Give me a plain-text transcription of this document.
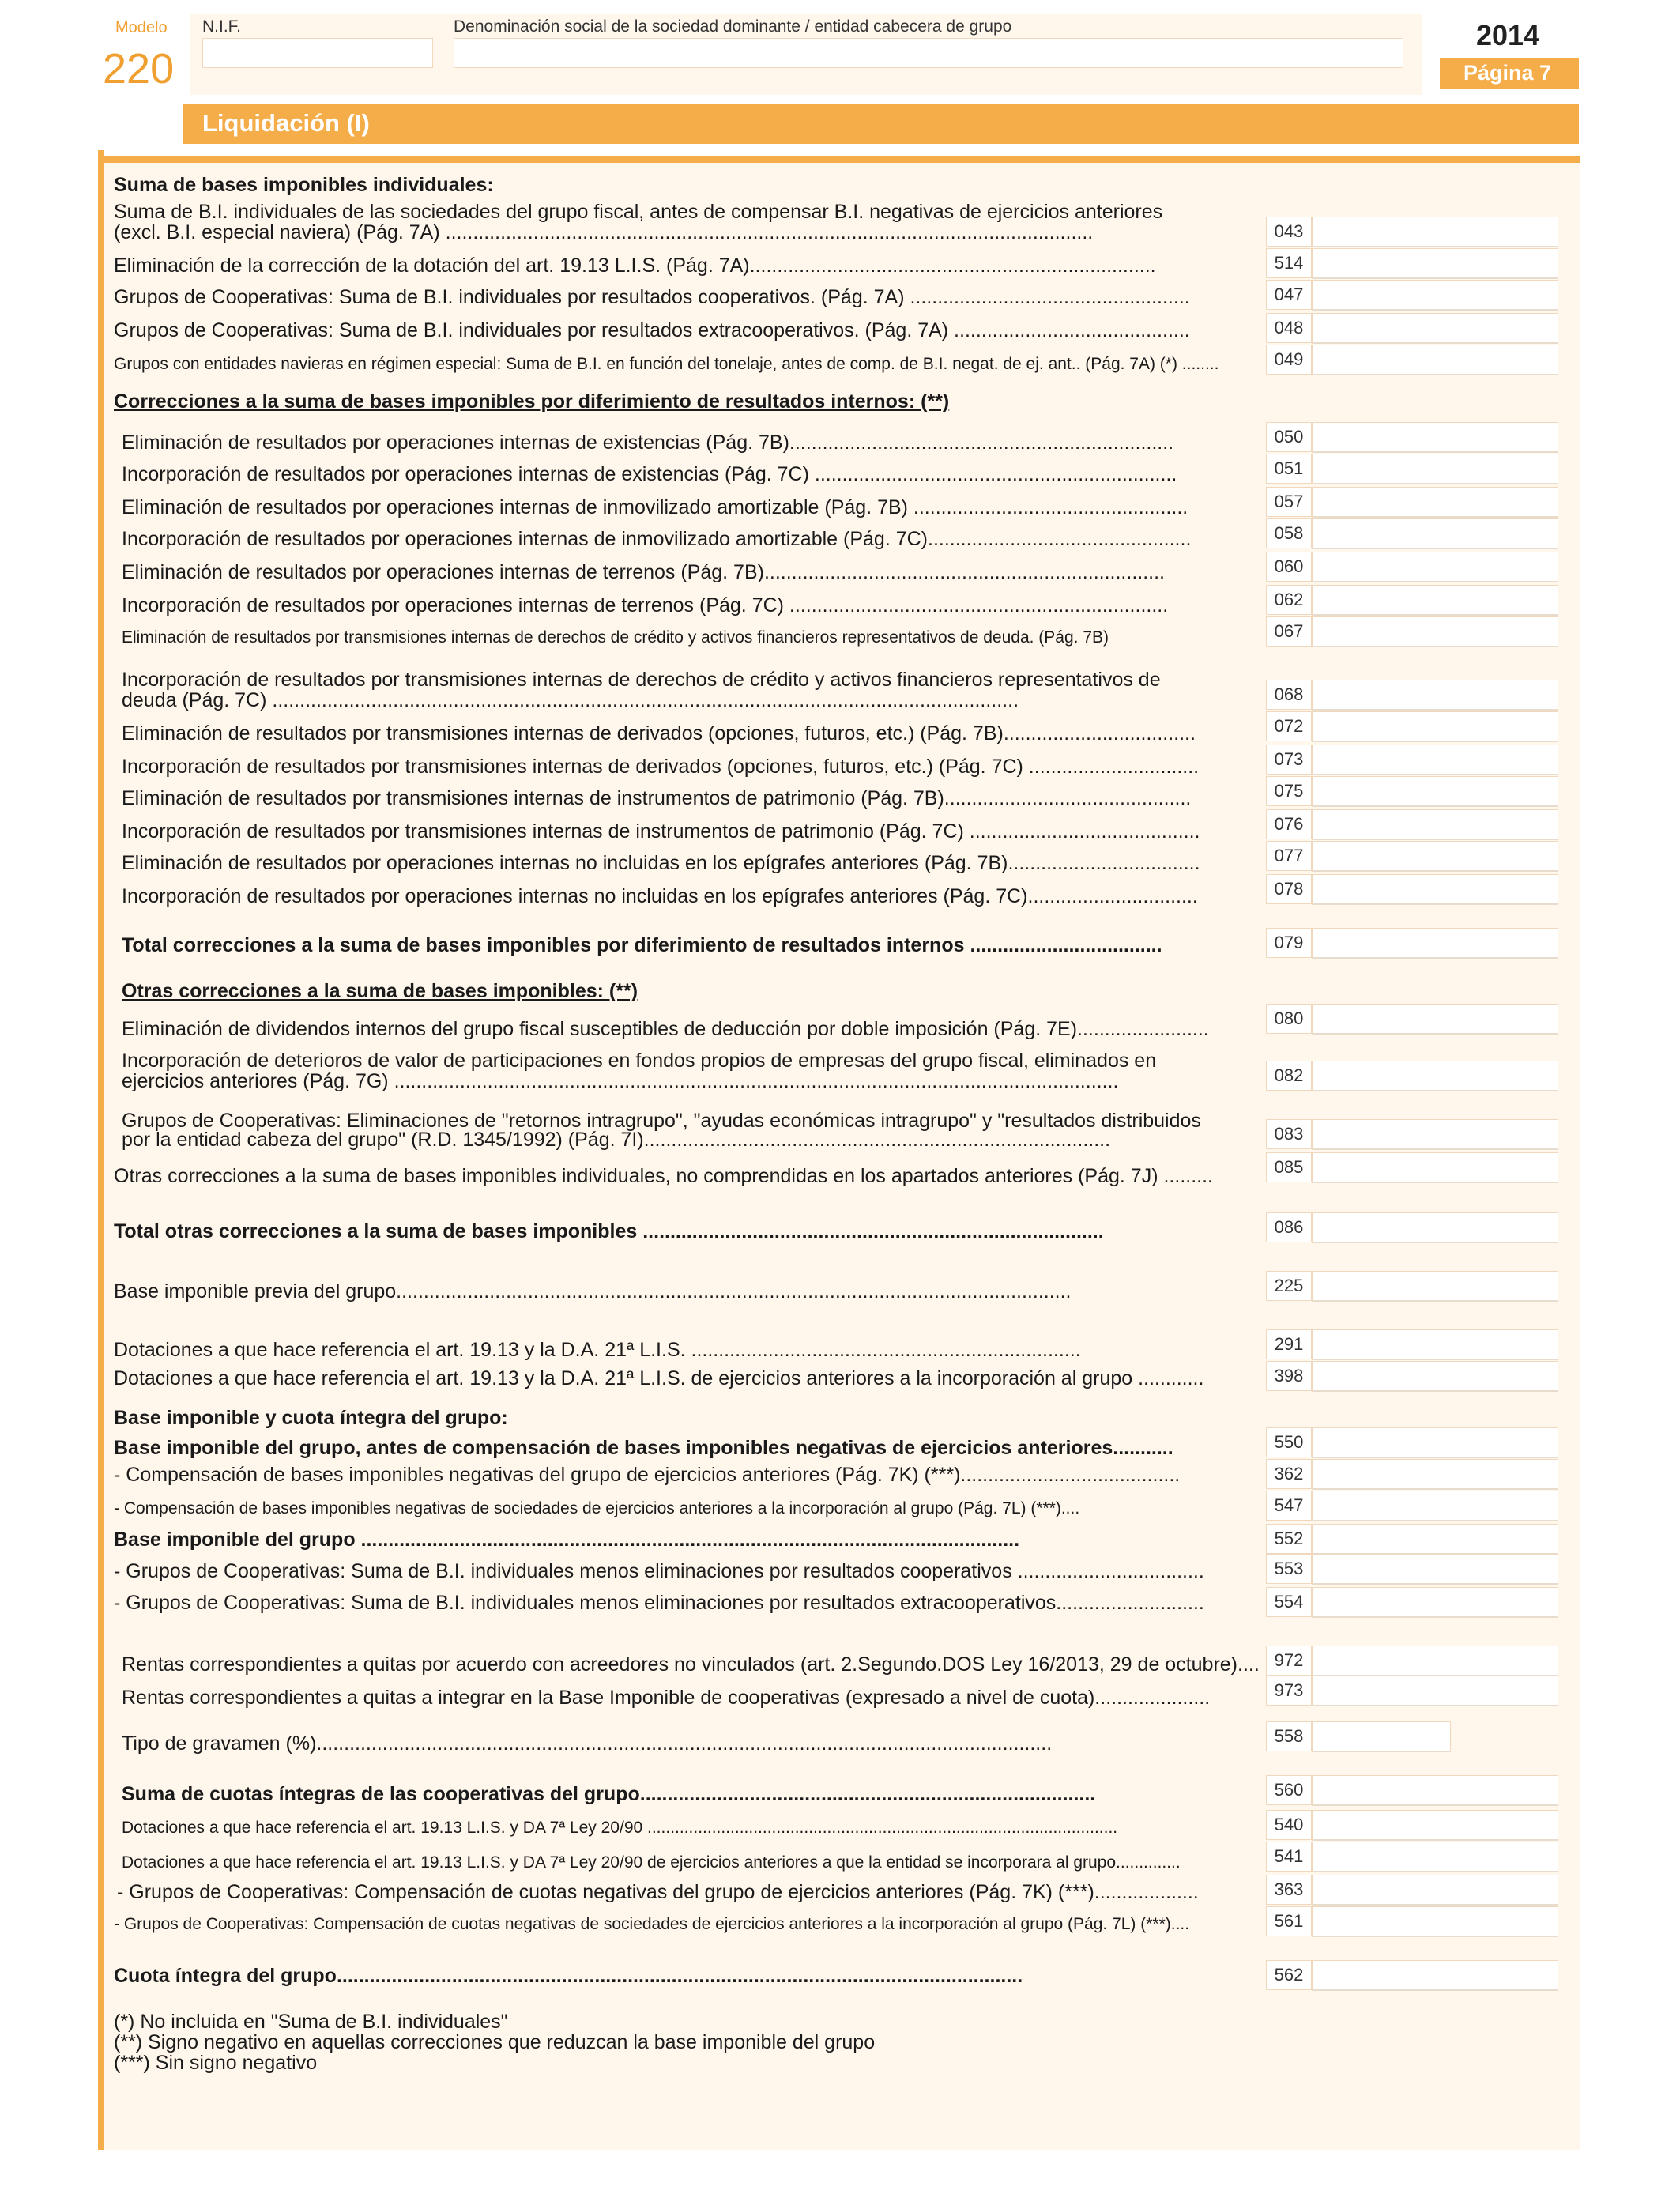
Modelo
220
N.I.F.	Denominación social de la sociedad dominante / entidad cabecera de grupo	2014
Página 7
Liquidación (I)
Suma de bases imponibles individuales:
Correcciones a la suma de bases imponibles por diferimiento de resultados internos: (**)
Otras correcciones a la suma de bases imponibles: (**)
Base imponible y cuota íntegra del grupo:
Suma de B.I. individuales de las sociedades del grupo fiscal, antes de compensar B.I. negativas de ejercicios anteriores
(excl. B.I. especial naviera) (Pág. 7A) ......................................................................................................................	043
Eliminación de la corrección de la dotación del art. 19.13 L.I.S. (Pág. 7A)..........................................................................	514
Grupos de Cooperativas: Suma de B.I. individuales por resultados cooperativos. (Pág. 7A) ...................................................	047
Grupos de Cooperativas: Suma de B.I. individuales por resultados extracooperativos. (Pág. 7A) ...........................................	048
Grupos con entidades navieras en régimen especial: Suma de B.I. en función del tonelaje, antes de comp. de B.I. negat. de ej. ant.. (Pág. 7A) (*) ........	049
Eliminación de resultados por operaciones internas de existencias (Pág. 7B)......................................................................	050
Incorporación de resultados por operaciones internas de existencias (Pág. 7C) ..................................................................	051
Eliminación de resultados por operaciones internas de inmovilizado amortizable (Pág. 7B) ..................................................	057
Incorporación de resultados por operaciones internas de inmovilizado amortizable (Pág. 7C)................................................	058
Eliminación de resultados por operaciones internas de terrenos (Pág. 7B).........................................................................	060
Incorporación de resultados por operaciones internas de terrenos (Pág. 7C) .....................................................................	062
Eliminación de resultados por transmisiones internas de derechos de crédito y activos financieros representativos de deuda. (Pág. 7B)	067
Incorporación de resultados por transmisiones internas de derechos de crédito y activos financieros representativos de
deuda (Pág. 7C) ........................................................................................................................................	068
Eliminación de resultados por transmisiones internas de derivados (opciones, futuros, etc.) (Pág. 7B)...................................	072
Incorporación de resultados por transmisiones internas de derivados (opciones, futuros, etc.) (Pág. 7C) ...............................	073
Eliminación de resultados por transmisiones internas de instrumentos de patrimonio (Pág. 7B).............................................	075
Incorporación de resultados por transmisiones internas de instrumentos de patrimonio (Pág. 7C) ..........................................	076
Eliminación de resultados por operaciones internas no incluidas en los epígrafes anteriores (Pág. 7B)...................................	077
Incorporación de resultados por operaciones internas no incluidas en los epígrafes anteriores (Pág. 7C)...............................	078
Total correcciones a la suma de bases imponibles por diferimiento de resultados internos ...................................	079
Eliminación de dividendos internos del grupo fiscal susceptibles de deducción por doble imposición (Pág. 7E)........................	080
Incorporación de deterioros de valor de participaciones en fondos propios de empresas del grupo fiscal, eliminados en
ejercicios anteriores (Pág. 7G) ....................................................................................................................................	082
Grupos de Cooperativas: Eliminaciones de "retornos intragrupo", "ayudas económicas intragrupo" y "resultados distribuidos
por la entidad cabeza del grupo" (R.D. 1345/1992) (Pág. 7I).....................................................................................	083
Otras correcciones a la suma de bases imponibles individuales, no comprendidas en los apartados anteriores (Pág. 7J) .........	085
Total otras correcciones a la suma de bases imponibles ....................................................................................	086
Base imponible previa del grupo...........................................................................................................................	225
Dotaciones a que hace referencia el art. 19.13 y la D.A. 21ª L.I.S. .......................................................................	291
Dotaciones a que hace referencia el art. 19.13 y la D.A. 21ª L.I.S. de ejercicios anteriores a la incorporación al grupo ............	398
Base imponible del grupo, antes de compensación de bases imponibles negativas de ejercicios anteriores...........	550
- Compensación de bases imponibles negativas del grupo de ejercicios anteriores (Pág. 7K) (***)........................................	362
- Compensación de bases imponibles negativas de sociedades de ejercicios anteriores a la incorporación al grupo (Pág. 7L) (***)....	547
Base imponible del grupo ........................................................................................................................	552
- Grupos de Cooperativas: Suma de B.I. individuales menos eliminaciones por resultados cooperativos ..................................	553
- Grupos de Cooperativas: Suma de B.I. individuales menos eliminaciones por resultados extracooperativos...........................	554
Rentas correspondientes a quitas por acuerdo con acreedores no vinculados (art. 2.Segundo.DOS Ley 16/2013, 29 de octubre).... 972
Rentas correspondientes a quitas a integrar en la Base Imponible de cooperativas (expresado a nivel de cuota).....................	973
Tipo de gravamen (%)......................................................................................................................................	558
Suma de cuotas íntegras de las cooperativas del grupo...................................................................................	560
Dotaciones a que hace referencia el art. 19.13 L.I.S. y DA 7ª Ley 20/90 ......................................................................................................	540
Dotaciones a que hace referencia el art. 19.13 L.I.S. y DA 7ª Ley 20/90 de ejercicios anteriores a que la entidad se incorporara al grupo..............	541
- Grupos de Cooperativas: Compensación de cuotas negativas del grupo de ejercicios anteriores (Pág. 7K) (***)...................	363
- Grupos de Cooperativas: Compensación de cuotas negativas de sociedades de ejercicios anteriores a la incorporación al grupo (Pág. 7L) (***)....	561
Cuota íntegra del grupo.............................................................................................................................	562
(*) No incluida en "Suma de B.I. individuales"
(**) Signo negativo en aquellas correcciones que reduzcan la base imponible del grupo
(***) Sin signo negativo
